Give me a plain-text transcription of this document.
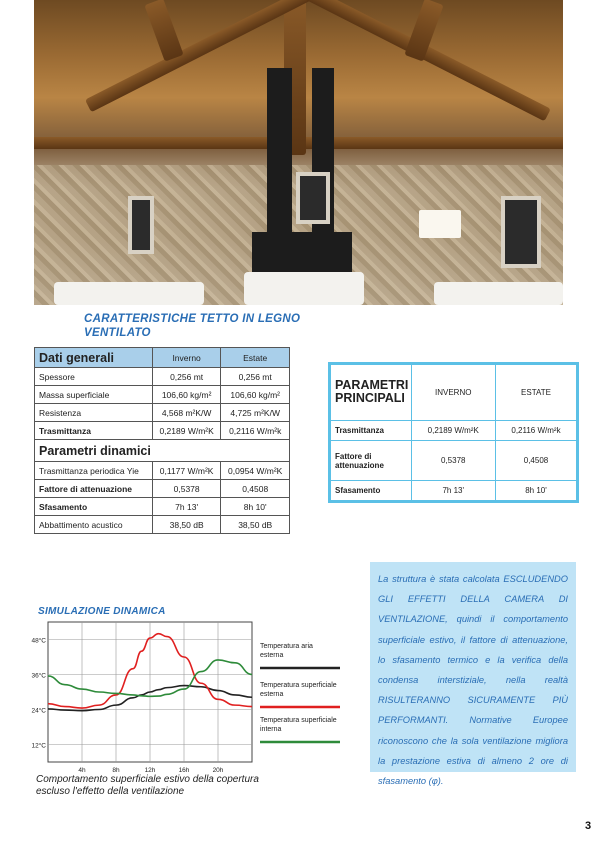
CARATTERISTICHE TETTO IN LEGNO VENTILATO
Dati generali	Inverno	Estate
Spessore	0,256 mt	0,256 mt
Massa superficiale	106,60 kg/m²	106,60 kg/m²
Resistenza	4,568 m²K/W	4,725 m²K/W
Trasmittanza	0,2189 W/m²K	0,2116 W/m²k
Parametri dinamici		
Trasmittanza periodica Yie	0,1177 W/m²K	0,0954 W/m²K
Fattore di attenuazione	0,5378	0,4508
Sfasamento	7h 13'	8h 10'
Abbattimento acustico	38,50 dB	38,50 dB
PARAMETRI PRINCIPALI	INVERNO	ESTATE
Trasmittanza	0,2189 W/m²K	0,2116 W/m²k
Fattore di attenuazione	0,5378	0,4508
Sfasamento	7h 13'	8h 10'
La struttura è stata calcolata ESCLUDENDO GLI EFFETTI DELLA CAMERA DI VENTILAZIONE, quindi il comportamento superficiale estivo, il fattore di attenuazione, lo sfasamento termico e la verifica della condensa interstiziale, nella realtà RISULTERANNO SICURAMENTE PIÙ PERFORMANTI. Normative Europee riconoscono che la sola ventilazione migliora la prestazione estiva di almeno 2 ore di sfasamento (φ).
SIMULAZIONE DINAMICA
12°C
24°C
36°C
48°C
4h	8h	12h	16h	20h
Temperatura aria
esterna
Temperatura superficiale
esterna
Temperatura superficiale
interna
Comportamento superficiale estivo della copertura escluso l'effetto della ventilazione
3
